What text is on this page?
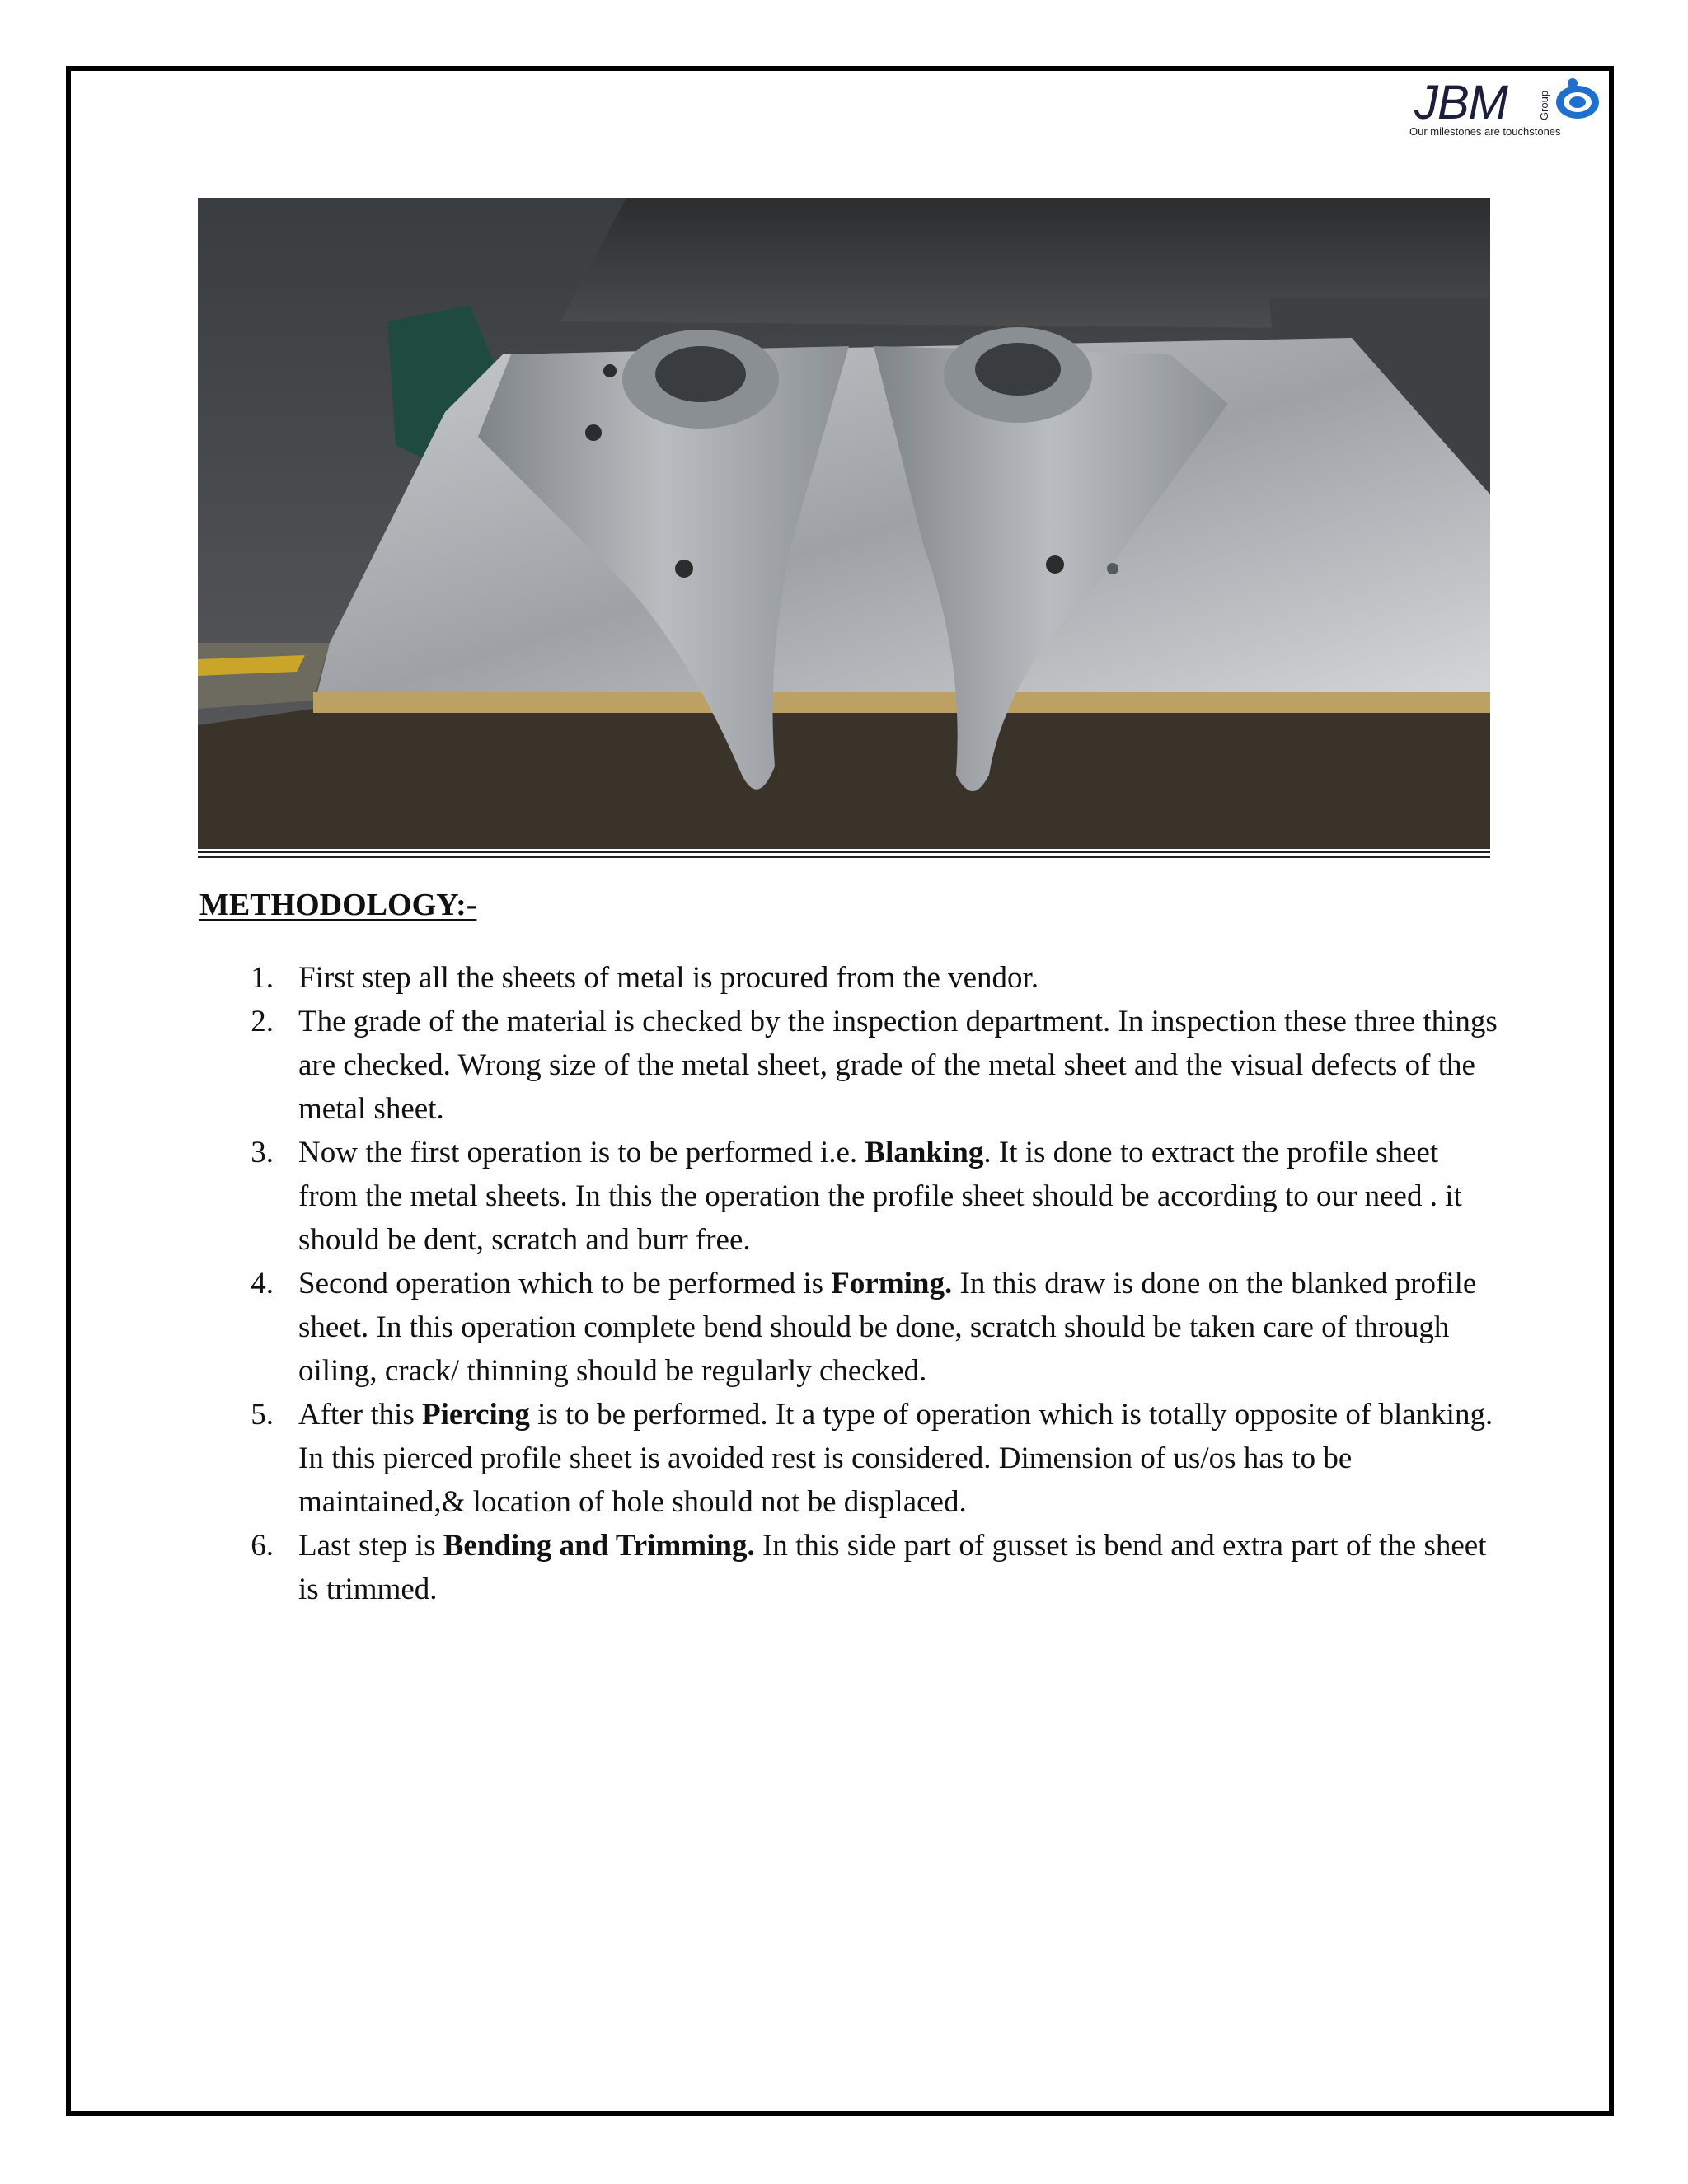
JBM	Group
Our milestones are touchstones
METHODOLOGY:-
1. First step all the sheets of metal is procured from the vendor.
2. The grade of the material is checked by the inspection department. In inspection these three things are checked. Wrong size of the metal sheet, grade of the metal sheet and the visual defects of the metal sheet.
3. Now the first operation is to be performed i.e. Blanking. It is done to extract the profile sheet from the metal sheets. In this the operation the profile sheet should be according to our need . it should be dent, scratch and burr free.
4. Second operation which to be performed is Forming. In this draw is done on the blanked profile sheet. In this operation complete bend should be done, scratch should be taken care of through oiling, crack/ thinning should be regularly checked.
5. After this Piercing is to be performed. It a type of operation which is totally opposite of blanking. In this pierced profile sheet is avoided rest is considered. Dimension of us/os has to be maintained,& location of hole should not be displaced.
6. Last step is Bending and Trimming. In this side part of gusset is bend and extra part of the sheet is trimmed.
